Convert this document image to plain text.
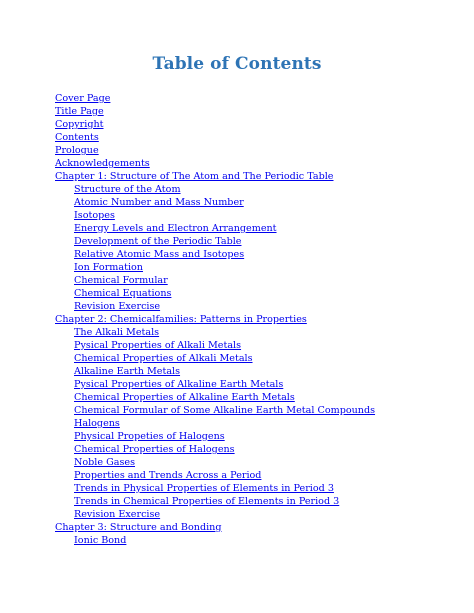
Table of Contents
Cover Page
Title Page
Copyright
Contents
Prologue
Acknowledgements
Chapter 1: Structure of The Atom and The Periodic Table
Structure of the Atom
Atomic Number and Mass Number
Isotopes
Energy Levels and Electron Arrangement
Development of the Periodic Table
Relative Atomic Mass and Isotopes
Ion Formation
Chemical Formular
Chemical Equations
Revision Exercise
Chapter 2: Chemicalfamilies: Patterns in Properties
The Alkali Metals
Pysical Properties of Alkali Metals
Chemical Properties of Alkali Metals
Alkaline Earth Metals
Pysical Properties of Alkaline Earth Metals
Chemical Properties of Alkaline Earth Metals
Chemical Formular of Some Alkaline Earth Metal Compounds
Halogens
Physical Propeties of Halogens
Chemical Properties of Halogens
Noble Gases
Properties and Trends Across a Period
Trends in Physical Properties of Elements in Period 3
Trends in Chemical Properties of Elements in Period 3
Revision Exercise
Chapter 3: Structure and Bonding
Ionic Bond
